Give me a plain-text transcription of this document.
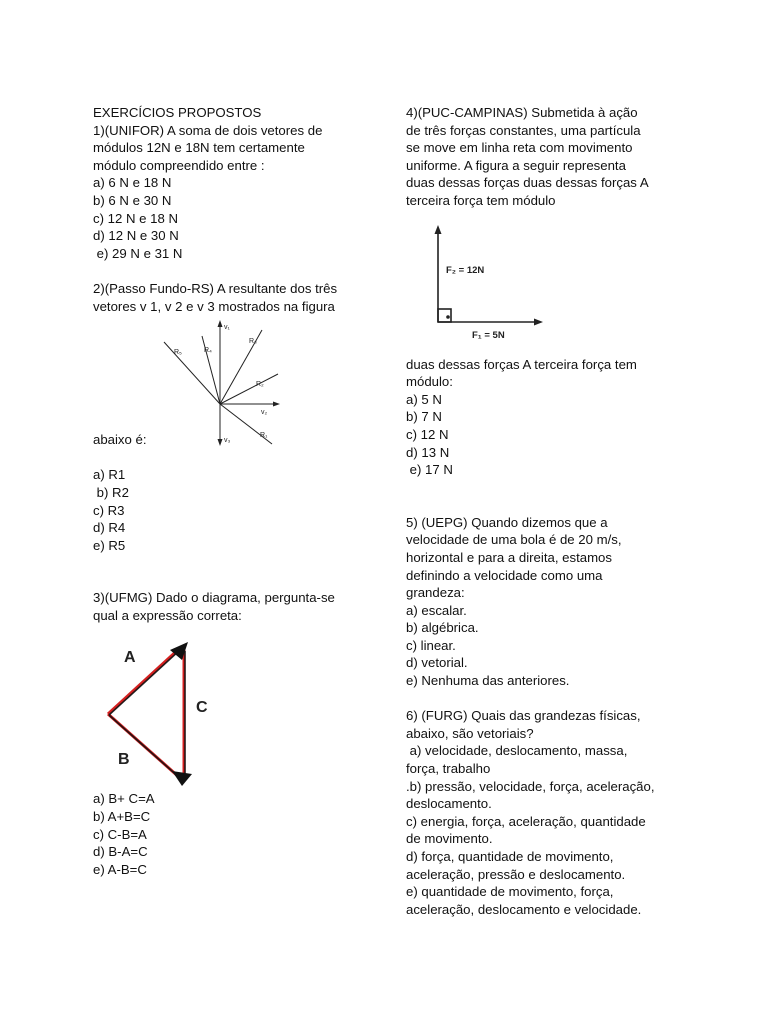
EXERCÍCIOS PROPOSTOS

1)(UNIFOR) A soma de dois vetores de

módulos 12N e 18N tem certamente

módulo compreendido entre :

a) 6 N e 18 N

b) 6 N e 30 N

c) 12 N e 18 N

d) 12 N e 30 N

e) 29 N e 31 N

2)(Passo Fundo-RS) A resultante dos três

vetores v 1, v 2 e v 3 mostrados na figura

abaixo é:

a) R1

b) R2

c) R3

d) R4

e) R5

3)(UFMG) Dado o diagrama, pergunta-se

qual a expressão correta:

a) B+ C=A

b) A+B=C

c) C-B=A

d) B-A=C

e) A-B=C

v₁
v₂
v₃
R₁
R₂
R₃
R₄
R₅
A
B
C

4)(PUC-CAMPINAS) Submetida à ação

de três forças constantes, uma partícula

se move em linha reta com movimento

uniforme. A figura a seguir representa

duas dessas forças duas dessas forças A

terceira força tem módulo

duas dessas forças A terceira força tem

módulo:

a) 5 N

b) 7 N

c) 12 N

d) 13 N

e) 17 N

5) (UEPG) Quando dizemos que a

velocidade de uma bola é de 20 m/s,

horizontal e para a direita, estamos

definindo a velocidade como uma

grandeza:

a) escalar.

b) algébrica.

c) linear.

d) vetorial.

e) Nenhuma das anteriores.

6) (FURG) Quais das grandezas físicas,

abaixo, são vetoriais?

a) velocidade, deslocamento, massa,

força, trabalho

.b) pressão, velocidade, força, aceleração,

deslocamento.

c) energia, força, aceleração, quantidade

de movimento.

d) força, quantidade de movimento,

aceleração, pressão e deslocamento.

e) quantidade de movimento, força,

aceleração, deslocamento e velocidade.

F₂ = 12N
F₁ = 5N
